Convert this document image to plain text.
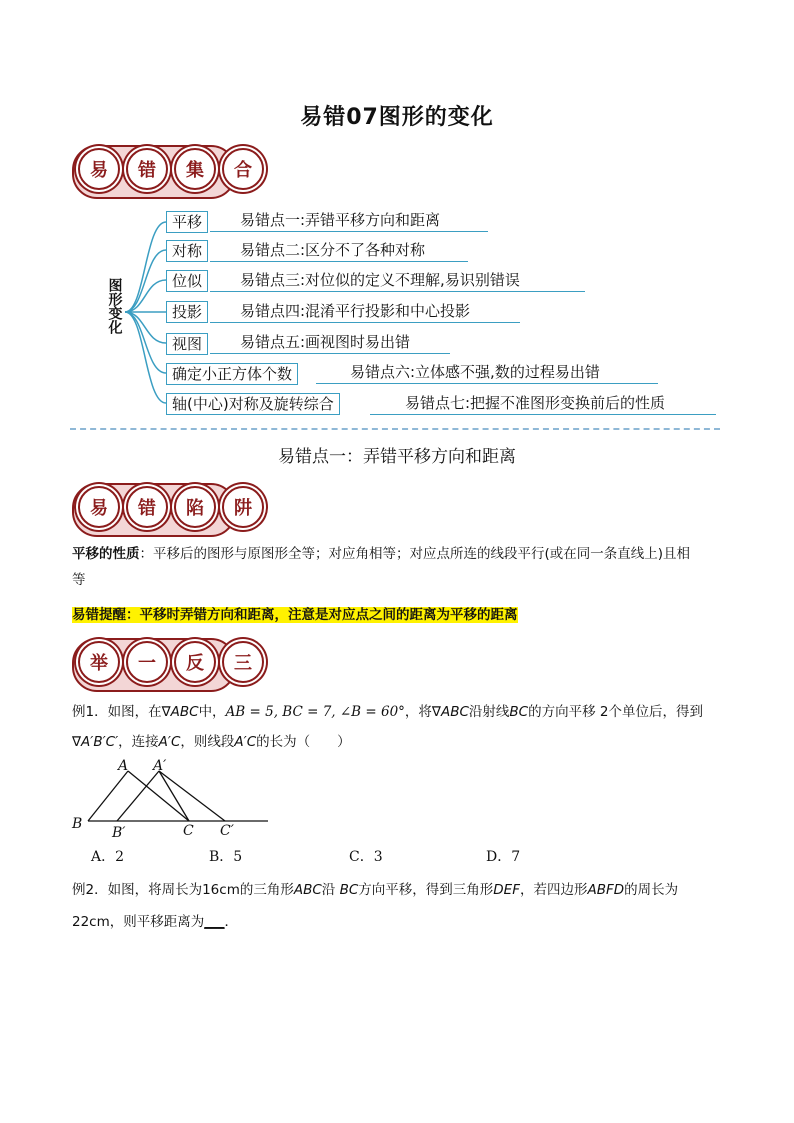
易错07图形的变化
易	错	集	合
图形变化
平移
对称
位似
投影
视图
确定小正方体个数
轴(中心)对称及旋转综合
易错点一:弄错平移方向和距离
易错点二:区分不了各种对称
易错点三:对位似的定义不理解,易识别错误
易错点四:混淆平行投影和中心投影
易错点五:画视图时易出错
易错点六:立体感不强,数的过程易出错
易错点七:把握不准图形变换前后的性质
易错点一：弄错平移方向和距离
易	错	陷	阱
平移的性质：平移后的图形与原图形全等；对应角相等；对应点所连的线段平行(或在同一条直线上)且相
等
易错提醒：平移时弄错方向和距离，注意是对应点之间的距离为平移的距离
举	一	反	三
例1．如图，在∇ABC中，AB = 5, BC = 7, ∠B = 60°，将∇ABC沿射线BC的方向平移 2个单位后，得到
∇A′B′C′，连接A′C，则线段A′C的长为（　　）
A A′
B
B′	C C′
A．2	B．5	C．3	D．7
例2．如图，将周长为16cm的三角形ABC沿 BC方向平移，得到三角形DEF，若四边形ABFD的周长为
22cm，则平移距离为___．
